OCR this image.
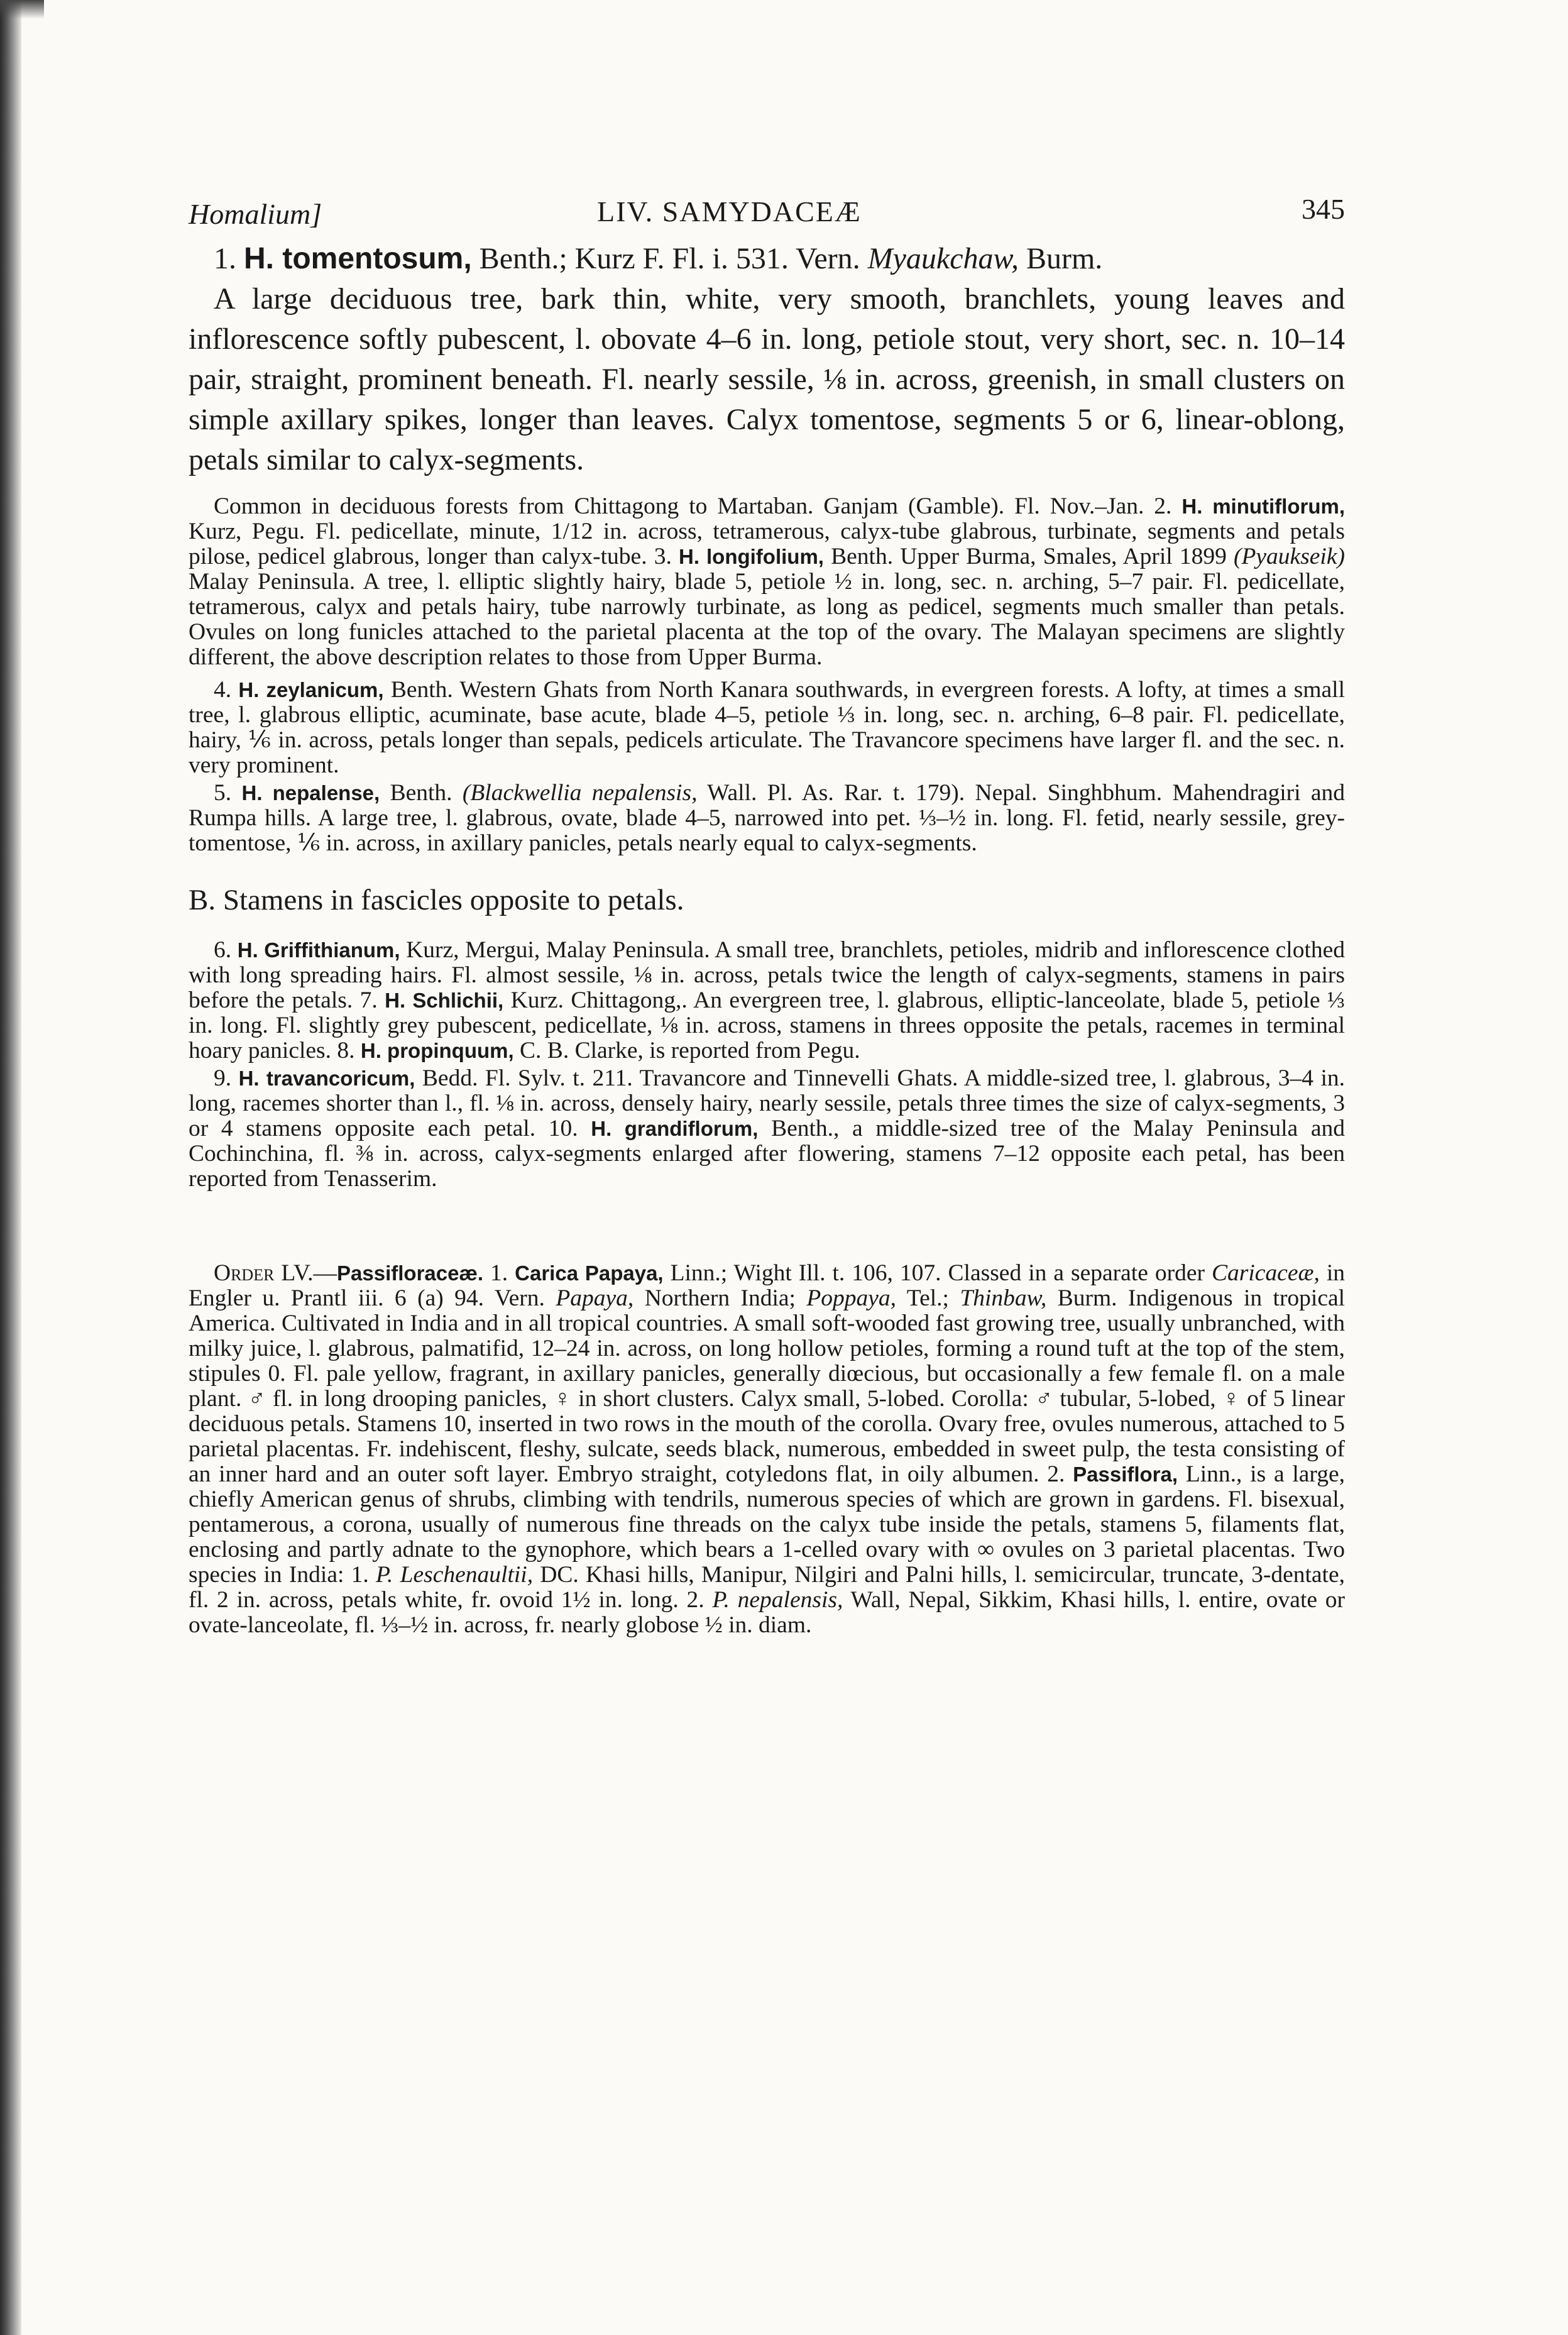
Homalium]	LIV. SAMYDACEÆ	345

1. H. tomentosum, Benth.; Kurz F. Fl. i. 531. Vern. Myaukchaw, Burm.

A large deciduous tree, bark thin, white, very smooth, branchlets, young leaves and inflorescence softly pubescent, l. obovate 4–6 in. long, petiole stout, very short, sec. n. 10–14 pair, straight, prominent beneath. Fl. nearly sessile, ⅛ in. across, greenish, in small clusters on simple axillary spikes, longer than leaves. Calyx tomentose, segments 5 or 6, linear-oblong, petals similar to calyx-segments.

Common in deciduous forests from Chittagong to Martaban. Ganjam (Gamble). Fl. Nov.–Jan. 2. H. minutiflorum, Kurz, Pegu. Fl. pedicellate, minute, 1/12 in. across, tetramerous, calyx-tube glabrous, turbinate, segments and petals pilose, pedicel glabrous, longer than calyx-tube. 3. H. longifolium, Benth. Upper Burma, Smales, April 1899 (Pyaukseik) Malay Peninsula. A tree, l. elliptic slightly hairy, blade 5, petiole ½ in. long, sec. n. arching, 5–7 pair. Fl. pedicellate, tetramerous, calyx and petals hairy, tube narrowly turbinate, as long as pedicel, segments much smaller than petals. Ovules on long funicles attached to the parietal placenta at the top of the ovary. The Malayan specimens are slightly different, the above description relates to those from Upper Burma.

4. H. zeylanicum, Benth. Western Ghats from North Kanara southwards, in evergreen forests. A lofty, at times a small tree, l. glabrous elliptic, acuminate, base acute, blade 4–5, petiole ⅓ in. long, sec. n. arching, 6–8 pair. Fl. pedicellate, hairy, ⅙ in. across, petals longer than sepals, pedicels articulate. The Travancore specimens have larger fl. and the sec. n. very prominent.

5. H. nepalense, Benth. (Blackwellia nepalensis, Wall. Pl. As. Rar. t. 179). Nepal. Singhbhum. Mahendragiri and Rumpa hills. A large tree, l. glabrous, ovate, blade 4–5, narrowed into pet. ⅓–½ in. long. Fl. fetid, nearly sessile, grey-tomentose, ⅙ in. across, in axillary panicles, petals nearly equal to calyx-segments.

B. Stamens in fascicles opposite to petals.

6. H. Griffithianum, Kurz, Mergui, Malay Peninsula. A small tree, branchlets, petioles, midrib and inflorescence clothed with long spreading hairs. Fl. almost sessile, ⅛ in. across, petals twice the length of calyx-segments, stamens in pairs before the petals. 7. H. Schlichii, Kurz. Chittagong,. An evergreen tree, l. glabrous, elliptic-lanceolate, blade 5, petiole ⅓ in. long. Fl. slightly grey pubescent, pedicellate, ⅛ in. across, stamens in threes opposite the petals, racemes in terminal hoary panicles. 8. H. propinquum, C. B. Clarke, is reported from Pegu.

9. H. travancoricum, Bedd. Fl. Sylv. t. 211. Travancore and Tinnevelli Ghats. A middle-sized tree, l. glabrous, 3–4 in. long, racemes shorter than l., fl. ⅛ in. across, densely hairy, nearly sessile, petals three times the size of calyx-segments, 3 or 4 stamens opposite each petal. 10. H. grandiflorum, Benth., a middle-sized tree of the Malay Peninsula and Cochinchina, fl. ⅜ in. across, calyx-segments enlarged after flowering, stamens 7–12 opposite each petal, has been reported from Tenasserim.

Order LV.—Passifloraceæ. 1. Carica Papaya, Linn.; Wight Ill. t. 106, 107. Classed in a separate order Caricaceæ, in Engler u. Prantl iii. 6 (a) 94. Vern. Papaya, Northern India; Poppaya, Tel.; Thinbaw, Burm. Indigenous in tropical America. Cultivated in India and in all tropical countries. A small soft-wooded fast growing tree, usually unbranched, with milky juice, l. glabrous, palmatifid, 12–24 in. across, on long hollow petioles, forming a round tuft at the top of the stem, stipules 0. Fl. pale yellow, fragrant, in axillary panicles, generally diœcious, but occasionally a few female fl. on a male plant. ♂ fl. in long drooping panicles, ♀ in short clusters. Calyx small, 5-lobed. Corolla: ♂ tubular, 5-lobed, ♀ of 5 linear deciduous petals. Stamens 10, inserted in two rows in the mouth of the corolla. Ovary free, ovules numerous, attached to 5 parietal placentas. Fr. indehiscent, fleshy, sulcate, seeds black, numerous, embedded in sweet pulp, the testa consisting of an inner hard and an outer soft layer. Embryo straight, cotyledons flat, in oily albumen. 2. Passiflora, Linn., is a large, chiefly American genus of shrubs, climbing with tendrils, numerous species of which are grown in gardens. Fl. bisexual, pentamerous, a corona, usually of numerous fine threads on the calyx tube inside the petals, stamens 5, filaments flat, enclosing and partly adnate to the gynophore, which bears a 1-celled ovary with ∞ ovules on 3 parietal placentas. Two species in India: 1. P. Leschenaultii, DC. Khasi hills, Manipur, Nilgiri and Palni hills, l. semicircular, truncate, 3-dentate, fl. 2 in. across, petals white, fr. ovoid 1½ in. long. 2. P. nepalensis, Wall, Nepal, Sikkim, Khasi hills, l. entire, ovate or ovate-lanceolate, fl. ⅓–½ in. across, fr. nearly globose ½ in. diam.
